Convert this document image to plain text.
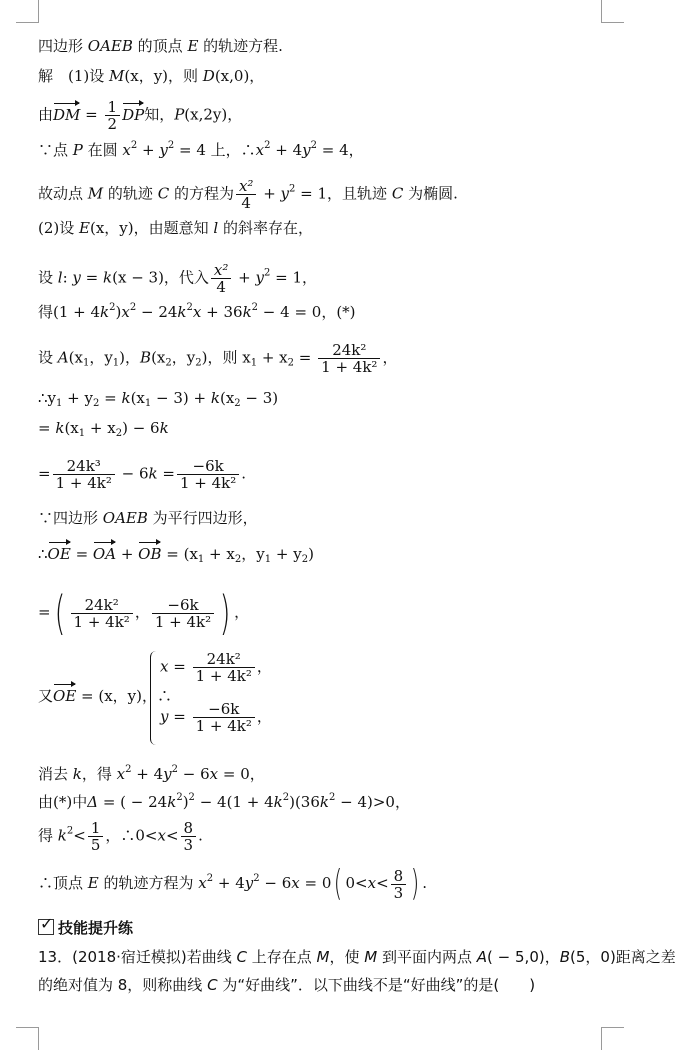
四边形 OAEB 的顶点 E 的轨迹方程.
解　(1)设 M(x，y)，则 D(x,0)，
由DM = $\frac{1}{2}$ DP知，P(x,2y)，
∵点 P 在圆 $x^2 + y^2 = 4$ 上，$\therefore x^2 + 4y^2 = 4$，
故动点 M 的轨迹 C 的方程为 $\frac{\text{x²}}{4} + y^2 = 1$，且轨迹 C 为椭圆.
(2)设 E(x，y)，由题意知 l 的斜率存在，
设 l: y = k(x − 3)，代入 $\frac{\text{x²}}{4} + y^2 = 1$，
得$(1 + 4k^2)x^2 - 24k^2x + 36k^2 - 4 = 0$，(*)
设 $A(x_1$，$y_1$)，$B(x_2$，$y_2$)，则 $x_1 + x_2 = \frac{\text{24k²}}{\text{1 + 4k²}}$ ，
$\therefore y_1 + y_2 = k(x_1 - 3) + k(x_2 - 3)$
= $k(x_1 + x_2) - 6k$
= $\frac{\text{24k³}}{\text{1 + 4k²}} - 6k = \frac{-6k}{\text{1 + 4k²}}$ .
∵四边形 OAEB 为平行四边形，
∴OE = OA + OB = ($x_1 + x_2$，$y_1 + y_2$)
=( $\frac{\text{24k²}}{\text{1 + 4k²}}$ ， $\frac{-6k}{\text{1 + 4k²}}$ ) ，
又OE = (x，y)，∴
$x = \frac{\text{24k²}}{\text{1 + 4k²}}$ ，
$y = \frac{-6k}{\text{1 + 4k²}}$ ，
消去 k，得 $x^2 + 4y^2 - 6x = 0$，
由(*)中Δ = ( − $24k^2)^2 - 4(1 + 4k^2)(36k^2 - 4)>0$，
得 $k^2< \frac{1}{5}$ ，∴0<x< $\frac{8}{3}$ .
∴顶点 E 的轨迹方程为 $x^2 + 4y^2 - 6x = 0$( $0<x< \frac{8}{3}$ ) .
✓技能提升练
13．(2018·宿迁模拟)若曲线 C 上存在点 M，使 M 到平面内两点 A( − 5,0)，B(5，0)距离之差
的绝对值为 8，则称曲线 C 为“好曲线”．以下曲线不是“好曲线”的是(　　)
